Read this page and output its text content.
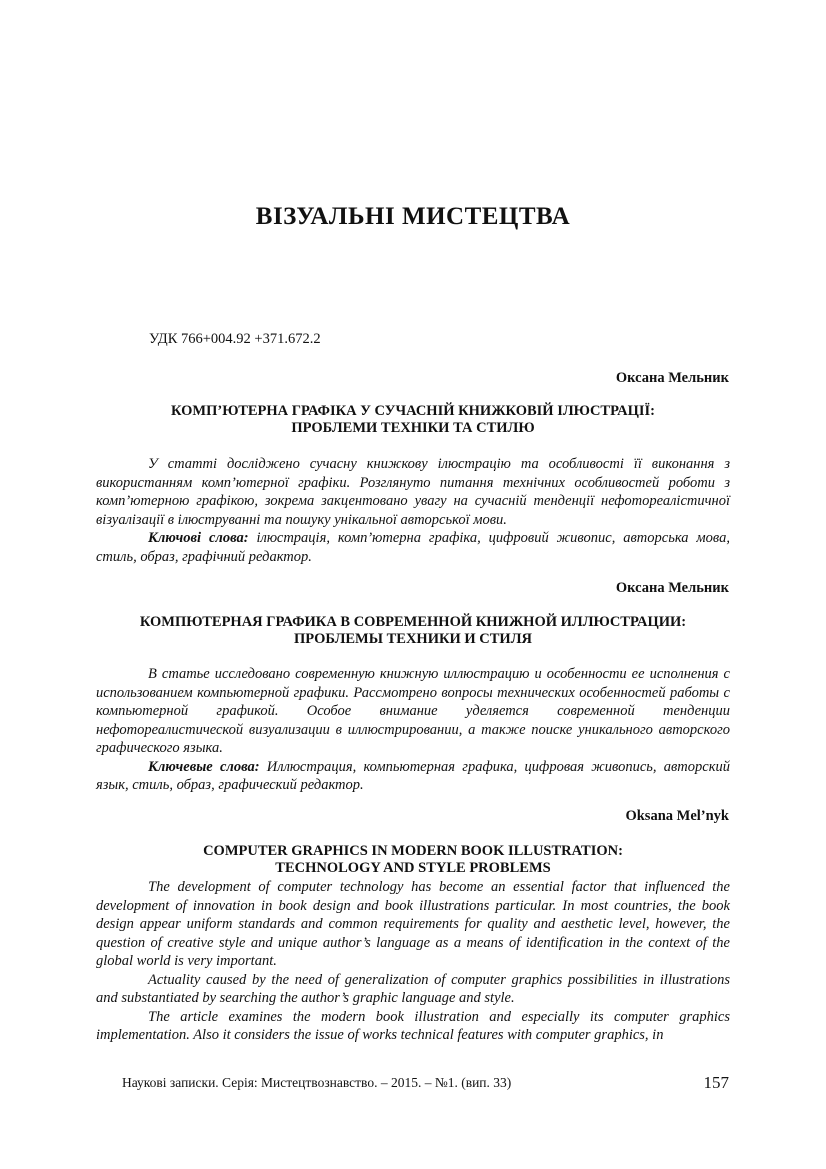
ВІЗУАЛЬНІ МИСТЕЦТВА
УДК 766+004.92 +371.672.2
Оксана Мельник
КОМП’ЮТЕРНА ГРАФІКА У СУЧАСНІЙ КНИЖКОВІЙ ІЛЮСТРАЦІЇ:
ПРОБЛЕМИ ТЕХНІКИ ТА СТИЛЮ

У статті досліджено сучасну книжкову ілюстрацію та особливості її виконання з використанням комп’ютерної графіки. Розглянуто питання технічних особливостей роботи з комп’ютерною графікою, зокрема закцентовано увагу на сучасній тенденції нефотореалістичної візуалізації в ілюструванні та пошуку унікальної авторської мови.

Ключові слова: ілюстрація, комп’ютерна графіка, цифровий живопис, авторська мова, стиль, образ, графічний редактор.

Оксана Мельник
КОМПЮТЕРНАЯ ГРАФИКА В СОВРЕМЕННОЙ КНИЖНОЙ ИЛЛЮСТРАЦИИ:
ПРОБЛЕМЫ ТЕХНИКИ И СТИЛЯ

В статье исследовано современную книжную иллюстрацию и особенности ее исполнения с использованием компьютерной графики. Рассмотрено вопросы технических особенностей работы с компьютерной графикой. Особое внимание уделяется современной тенденции нефотореалистической визуализации в иллюстрировании, а также поиске уникального авторского графического языка.

Ключевые слова: Иллюстрация, компьютерная графика, цифровая живопись, авторский язык, стиль, образ, графический редактор.

Oksana Mel’nyk
COMPUTER GRAPHICS IN MODERN BOOK ILLUSTRATION:
TECHNOLOGY AND STYLE PROBLEMS

The development of computer technology has become an essential factor that influenced the development of innovation in book design and book illustrations particular. In most countries, the book design appear uniform standards and common requirements for quality and aesthetic level, however, the question of creative style and unique author’s language as a means of identification in the context of the global world is very important.

Actuality caused by the need of generalization of computer graphics possibilities in illustrations and substantiated by searching the author’s graphic language and style.

The article examines the modern book illustration and especially its computer graphics implementation. Also it considers the issue of works technical features with computer graphics, in

Наукові записки. Серія: Мистецтвознавство. – 2015. – №1. (вип. 33)	157
